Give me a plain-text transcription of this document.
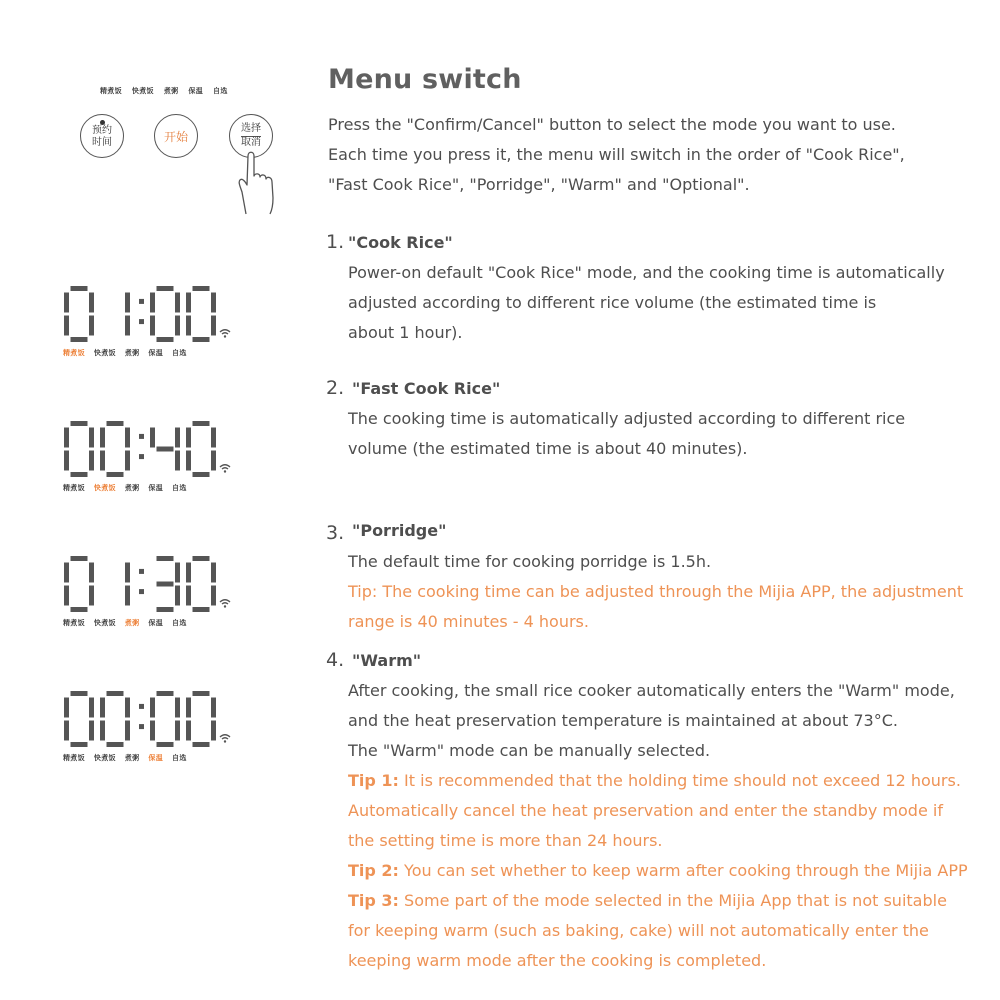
精煮饭 快煮饭 煮粥 保温 自选
预约
时间	开始
选择
取消
精煮饭 快煮饭 煮粥 保温 自选
精煮饭 快煮饭 煮粥 保温 自选
精煮饭 快煮饭 煮粥 保温 自选
精煮饭 快煮饭 煮粥 保温 自选
Menu switch
Press the "Confirm/Cancel" button to select the mode you want to use.
Each time you press it, the menu will switch in the order of "Cook Rice",
"Fast Cook Rice", "Porridge", "Warm" and "Optional".
1. "Cook Rice"
Power-on default "Cook Rice" mode, and the cooking time is automatically
adjusted according to different rice volume (the estimated time is
about 1 hour).
2. "Fast Cook Rice"
The cooking time is automatically adjusted according to different rice
volume (the estimated time is about 40 minutes).
3. "Porridge"
The default time for cooking porridge is 1.5h.
Tip: The cooking time can be adjusted through the Mijia APP, the adjustment
range is 40 minutes - 4 hours.
4. "Warm"
After cooking, the small rice cooker automatically enters the "Warm" mode,
and the heat preservation temperature is maintained at about 73°C.
The "Warm" mode can be manually selected.
Tip 1: It is recommended that the holding time should not exceed 12 hours.
Automatically cancel the heat preservation and enter the standby mode if
the setting time is more than 24 hours.
Tip 2: You can set whether to keep warm after cooking through the Mijia APP
Tip 3: Some part of the mode selected in the Mijia App that is not suitable
for keeping warm (such as baking, cake) will not automatically enter the
keeping warm mode after the cooking is completed.
